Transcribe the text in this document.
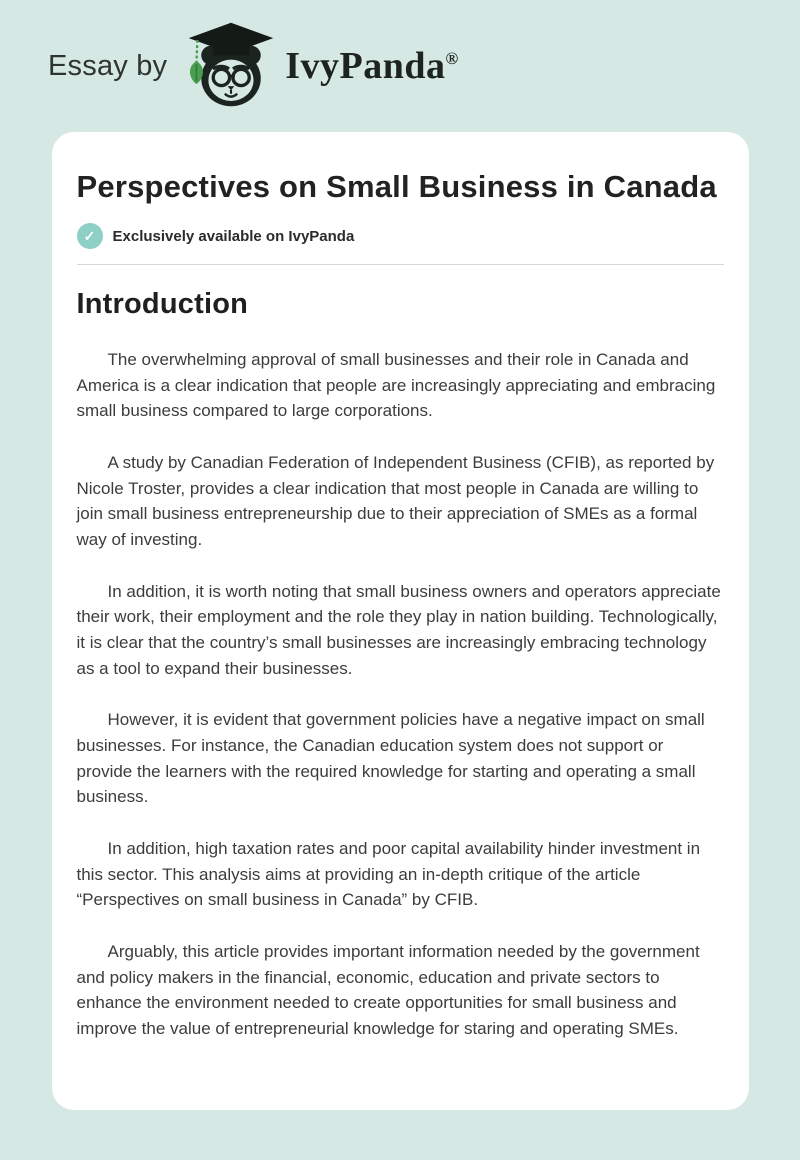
Essay by	IvyPanda®
Perspectives on Small Business in Canada
✓	Exclusively available on IvyPanda
Introduction

The overwhelming approval of small businesses and their role in Canada and America is a clear indication that people are increasingly appreciating and embracing small business compared to large corporations.

A study by Canadian Federation of Independent Business (CFIB), as reported by Nicole Troster, provides a clear indication that most people in Canada are willing to join small business entrepreneurship due to their appreciation of SMEs as a formal way of investing.

In addition, it is worth noting that small business owners and operators appreciate their work, their employment and the role they play in nation building. Technologically, it is clear that the country’s small businesses are increasingly embracing technology as a tool to expand their businesses.

However, it is evident that government policies have a negative impact on small businesses. For instance, the Canadian education system does not support or provide the learners with the required knowledge for starting and operating a small business.

In addition, high taxation rates and poor capital availability hinder investment in this sector. This analysis aims at providing an in-depth critique of the article “Perspectives on small business in Canada” by CFIB.

Arguably, this article provides important information needed by the government and policy makers in the financial, economic, education and private sectors to enhance the environment needed to create opportunities for small business and improve the value of entrepreneurial knowledge for staring and operating SMEs.
